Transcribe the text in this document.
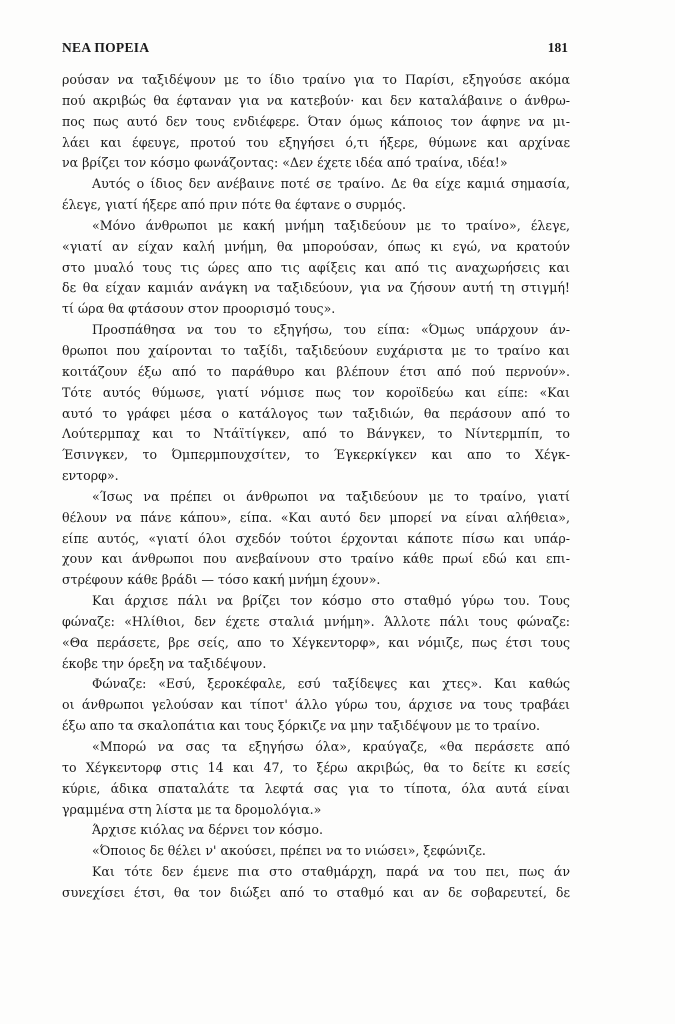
ΝΕΑ ΠΟΡΕΙΑ	181
ρούσαν να ταξιδέψουν με το ίδιο τραίνο για το Παρίσι, εξηγούσε ακόμα
πού ακριβώς θα έφταναν για να κατεβούν· και δεν καταλάβαινε ο άνθρω-
πος πως αυτό δεν τους ενδιέφερε. Όταν όμως κάποιος τον άφηνε να μι-
λάει και έφευγε, προτού του εξηγήσει ό,τι ήξερε, θύμωνε και αρχίναε
να βρίζει τον κόσμο φωνάζοντας: «Δεν έχετε ιδέα από τραίνα, ιδέα!»
Αυτός ο ίδιος δεν ανέβαινε ποτέ σε τραίνο. Δε θα είχε καμιά σημασία,
έλεγε, γιατί ήξερε από πριν πότε θα έφτανε ο συρμός.
«Μόνο άνθρωποι με κακή μνήμη ταξιδεύουν με το τραίνο», έλεγε,
«γιατί αν είχαν καλή μνήμη, θα μπορούσαν, όπως κι εγώ, να κρατούν
στο μυαλό τους τις ώρες απο τις αφίξεις και από τις αναχωρήσεις και
δε θα είχαν καμιάν ανάγκη να ταξιδεύουν, για να ζήσουν αυτή τη στιγμή!
τί ώρα θα φτάσουν στον προορισμό τους».
Προσπάθησα να του το εξηγήσω, του είπα: «Όμως υπάρχουν άν-
θρωποι που χαίρονται το ταξίδι, ταξιδεύουν ευχάριστα με το τραίνο και
κοιτάζουν έξω από το παράθυρο και βλέπουν έτσι από πού περνούν».
Τότε αυτός θύμωσε, γιατί νόμισε πως τον κοροϊδεύω και είπε: «Και
αυτό το γράφει μέσα ο κατάλογος των ταξιδιών, θα περάσουν από το
Λούτερμπαχ και το Ντάϊτίγκεν, από το Βάνγκεν, το Νίντερμπίπ, το
Έσινγκεν, το Όμπερμπουχσίτεν, το Έγκερκίγκεν και απο το Χέγκ-
εντορφ».
«Ίσως να πρέπει οι άνθρωποι να ταξιδεύουν με το τραίνο, γιατί
θέλουν να πάνε κάπου», είπα. «Και αυτό δεν μπορεί να είναι αλήθεια»,
είπε αυτός, «γιατί όλοι σχεδόν τούτοι έρχονται κάποτε πίσω και υπάρ-
χουν και άνθρωποι που ανεβαίνουν στο τραίνο κάθε πρωί εδώ και επι-
στρέφουν κάθε βράδι — τόσο κακή μνήμη έχουν».
Και άρχισε πάλι να βρίζει τον κόσμο στο σταθμό γύρω του. Τους
φώναζε: «Ηλίθιοι, δεν έχετε σταλιά μνήμη». Άλλοτε πάλι τους φώναζε:
«Θα περάσετε, βρε σείς, απο το Χέγκεντορφ», και νόμιζε, πως έτσι τους
έκοβε την όρεξη να ταξιδέψουν.
Φώναζε: «Εσύ, ξεροκέφαλε, εσύ ταξίδεψες και χτες». Και καθώς
οι άνθρωποι γελούσαν και τίποτ' άλλο γύρω του, άρχισε να τους τραβάει
έξω απο τα σκαλοπάτια και τους ξόρκιζε να μην ταξιδέψουν με το τραίνο.
«Μπορώ να σας τα εξηγήσω όλα», κραύγαζε, «θα περάσετε από
το Χέγκεντορφ στις 14 και 47, το ξέρω ακριβώς, θα το δείτε κι εσείς
κύριε, άδικα σπαταλάτε τα λεφτά σας για το τίποτα, όλα αυτά είναι
γραμμένα στη λίστα με τα δρομολόγια.»
Άρχισε κιόλας να δέρνει τον κόσμο.
«Όποιος δε θέλει ν' ακούσει, πρέπει να το νιώσει», ξεφώνιζε.
Και τότε δεν έμενε πια στο σταθμάρχη, παρά να του πει, πως άν
συνεχίσει έτσι, θα τον διώξει από το σταθμό και αν δε σοβαρευτεί, δε
